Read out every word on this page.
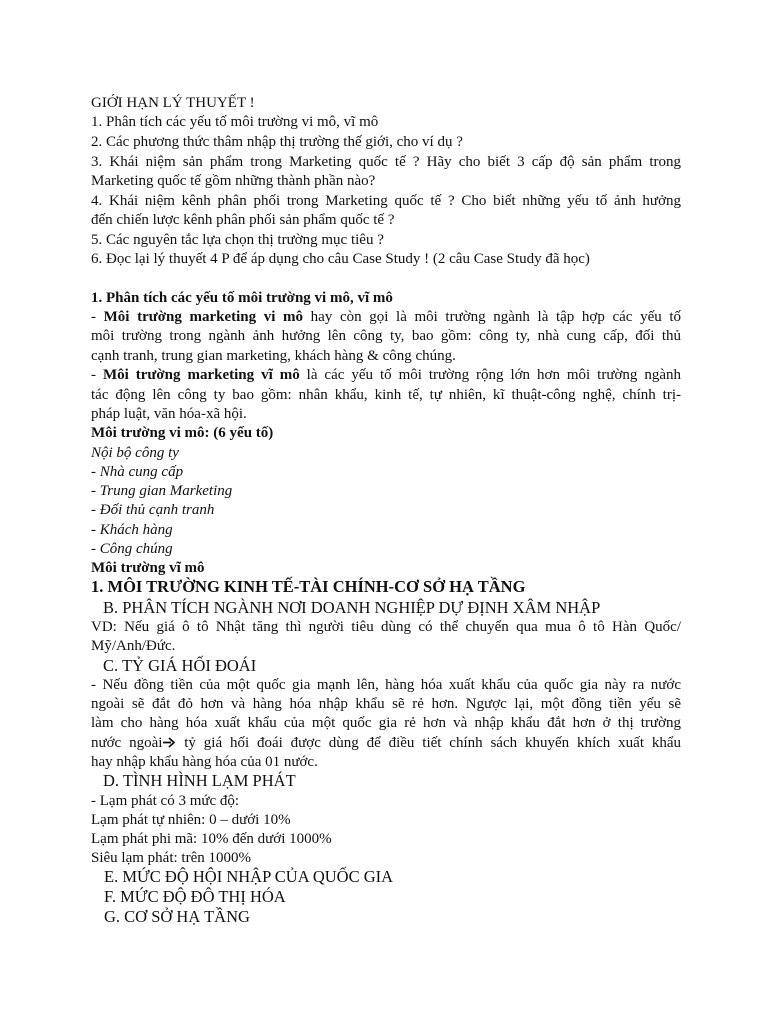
GIỚI HẠN LÝ THUYẾT !
1. Phân tích các yếu tố môi trường vi mô, vĩ mô
2. Các phương thức thâm nhập thị trường thế giới, cho ví dụ ?
3. Khái niệm sản phẩm trong Marketing quốc tế ? Hãy cho biết 3 cấp độ sản phẩm trong
Marketing quốc tế gồm những thành phần nào?
4. Khái niệm kênh phân phối trong Marketing quốc tế ? Cho biết những yếu tố ảnh hưởng
đến chiến lược kênh phân phối sản phẩm quốc tế ?
5. Các nguyên tắc lựa chọn thị trường mục tiêu ?
6. Đọc lại lý thuyết 4 P để áp dụng cho câu Case Study ! (2 câu Case Study đã học)
1. Phân tích các yếu tố môi trường vi mô, vĩ mô
- Môi trường marketing vi mô hay còn gọi là môi trường ngành là tập hợp các yếu tố
môi trường trong ngành ảnh hưởng lên công ty, bao gồm: công ty, nhà cung cấp, đối thủ
cạnh tranh, trung gian marketing, khách hàng & công chúng.
- Môi trường marketing vĩ mô là các yếu tố môi trường rộng lớn hơn môi trường ngành
tác động lên công ty bao gồm: nhân khẩu, kinh tế, tự nhiên, kĩ thuật-công nghệ, chính trị-
pháp luật, văn hóa-xã hội.
Môi trường vi mô: (6 yếu tố)
Nội bộ công ty
- Nhà cung cấp
- Trung gian Marketing
- Đối thủ cạnh tranh
- Khách hàng
- Công chúng
Môi trường vĩ mô
1. MÔI TRƯỜNG KINH TẾ-TÀI CHÍNH-CƠ SỞ HẠ TẦNG
B. PHÂN TÍCH NGÀNH NƠI DOANH NGHIỆP DỰ ĐỊNH XÂM NHẬP
VD: Nếu giá ô tô Nhật tăng thì người tiêu dùng có thể chuyển qua mua ô tô Hàn Quốc/
Mỹ/Anh/Đức.
C. TỶ GIÁ HỐI ĐOÁI
- Nếu đồng tiền của một quốc gia mạnh lên, hàng hóa xuất khẩu của quốc gia này ra nước
ngoài sẽ đắt đỏ hơn và hàng hóa nhập khẩu sẽ rẻ hơn. Ngược lại, một đồng tiền yếu sẽ
làm cho hàng hóa xuất khẩu của một quốc gia rẻ hơn và nhập khẩu đắt hơn ở thị trường
nước ngoài tỷ giá hối đoái được dùng để điều tiết chính sách khuyến khích xuất khẩu
hay nhập khẩu hàng hóa của 01 nước.
D. TÌNH HÌNH LẠM PHÁT
- Lạm phát có 3 mức độ:
Lạm phát tự nhiên: 0 – dưới 10%
Lạm phát phi mã: 10% đến dưới 1000%
Siêu lạm phát: trên 1000%
E. MỨC ĐỘ HỘI NHẬP CỦA QUỐC GIA
F. MỨC ĐỘ ĐÔ THỊ HÓA
G. CƠ SỞ HẠ TẦNG
